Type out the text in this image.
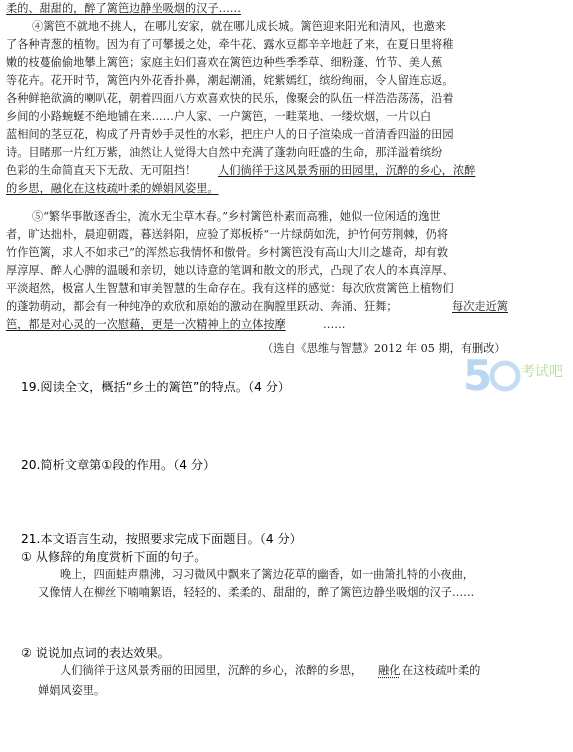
柔的、甜甜的，醉了篱笆边静坐吸烟的汉子……
④篱笆不就地不挑人，在哪儿安家，就在哪儿成长城。篱笆迎来阳光和清风，也邀来
了各种青葱的植物。因为有了可攀援之处，牵牛花、露水豆都辛辛地赶了来，在夏日里将稚
嫩的枝蔓偷偷地攀上篱笆；家庭主妇们喜欢在篱笆边种些季季草、细粉蓬、竹节、美人蕉
等花卉。花开时节，篱笆内外花香扑鼻，潮起潮涌，姹紫嫣红，缤纷绚丽，令人留连忘返。
各种鲜艳欲滴的喇叭花，朝着四面八方欢喜欢快的民乐，像聚会的队伍一样浩浩荡荡，沿着
乡间的小路蜿蜒不绝地铺在来……户人家、一户篱笆，一畦菜地、一缕炊烟，一片以白
蓝相间的茎豆花，构成了丹青妙手灵性的水彩，把庄户人的日子渲染成一首清香四溢的田园
诗。目睹那一片红万紫，油然让人觉得大自然中充满了蓬勃向旺盛的生命，那洋溢着缤纷
色彩的生命简直天下无敌、无可阻挡！ 人们徜徉于这风景秀丽的田园里，沉醉的乡心，浓醉
的乡思，融化在这枝疏叶柔的婵娟风姿里。
⑤“繁华事散逐香尘，流水无尘草木春。”乡村篱笆朴素而高雅，她似一位闲适的逸世
者，旷达拙朴，晨迎朝霞，暮送斜阳，应验了郑板桥“一片绿荫如洗，护竹何劳荆棘，仍将
竹作笆篱，求人不如求己”的浑然忘我情怀和傲骨。乡村篱笆没有高山大川之雄奇，却有敦
厚淳厚、醉人心脾的温暖和亲切，她以诗意的笔调和散文的形式，凸现了农人的本真淳厚、
平淡超然，极富人生智慧和审美智慧的生命存在。我有这样的感觉：每次欣赏篱笆上植物们
的蓬勃萌动，都会有一种纯净的欢欣和原始的激动在胸膛里跃动、奔涌、狂舞；	每次走近篱
笆，都是对心灵的一次慰藉，更是一次精神上的立体按摩	……
（选自《思维与智慧》2012 年 05 期，有删改）
5 考试吧
19.阅读全文，概括“乡土的篱笆”的特点。（4 分）
20.简析文章第①段的作用。（4 分）
21.本文语言生动，按照要求完成下面题目。（4 分）
① 从修辞的角度赏析下面的句子。
晚上，四面蛙声鼎沸，习习微风中飘来了篱边花草的幽香，如一曲箫扎特的小夜曲，
又像情人在柳丝下喃喃絮语，轻轻的、柔柔的、甜甜的，醉了篱笆边静坐吸烟的汉子……
② 说说加点词的表达效果。
人们徜徉于这风景秀丽的田园里，沉醉的乡心，浓醉的乡思， 融化 在这枝疏叶柔的
婵娟风姿里。
